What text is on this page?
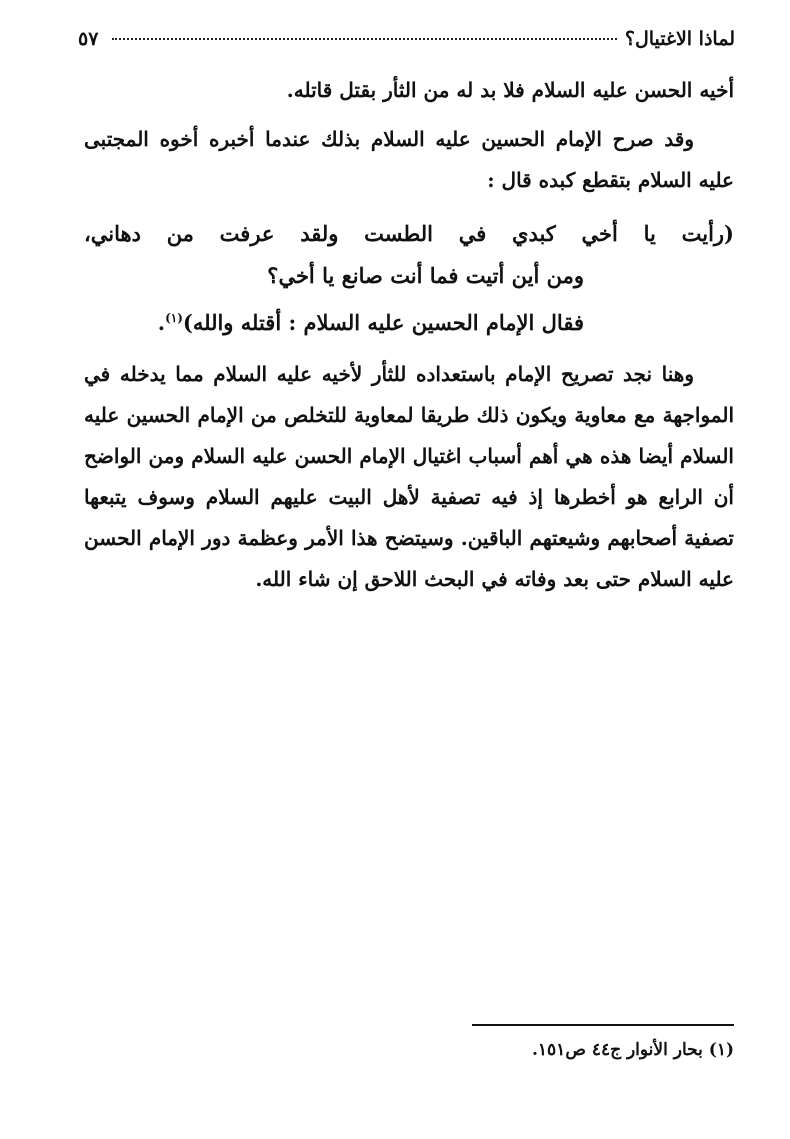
لماذا الاغتيال؟
٥٧

أخيه الحسن عليه السلام فلا بد له من الثأر بقتل قاتله.

وقد صرح الإمام الحسين عليه السلام بذلك عندما أخبره أخوه المجتبى عليه السلام بتقطع كبده قال :

(رأيت يا أخي كبدي في الطست ولقد عرفت من دهاني،
ومن أين أتيت فما أنت صانع يا أخي؟
فقال الإمام الحسين عليه السلام : أقتله والله)$^{(١)}$.

وهنا نجد تصريح الإمام باستعداده للثأر لأخيه عليه السلام مما يدخله في المواجهة مع معاوية ويكون ذلك طريقا لمعاوية للتخلص من الإمام الحسين عليه السلام أيضا هذه هي أهم أسباب اغتيال الإمام الحسن عليه السلام ومن الواضح أن الرابع هو أخطرها إذ فيه تصفية لأهل البيت عليهم السلام وسوف يتبعها تصفية أصحابهم وشيعتهم الباقين. وسيتضح هذا الأمر وعظمة دور الإمام الحسن عليه السلام حتى بعد وفاته في البحث اللاحق إن شاء الله.

(١) بحار الأنوار ج٤٤ ص١٥١.
